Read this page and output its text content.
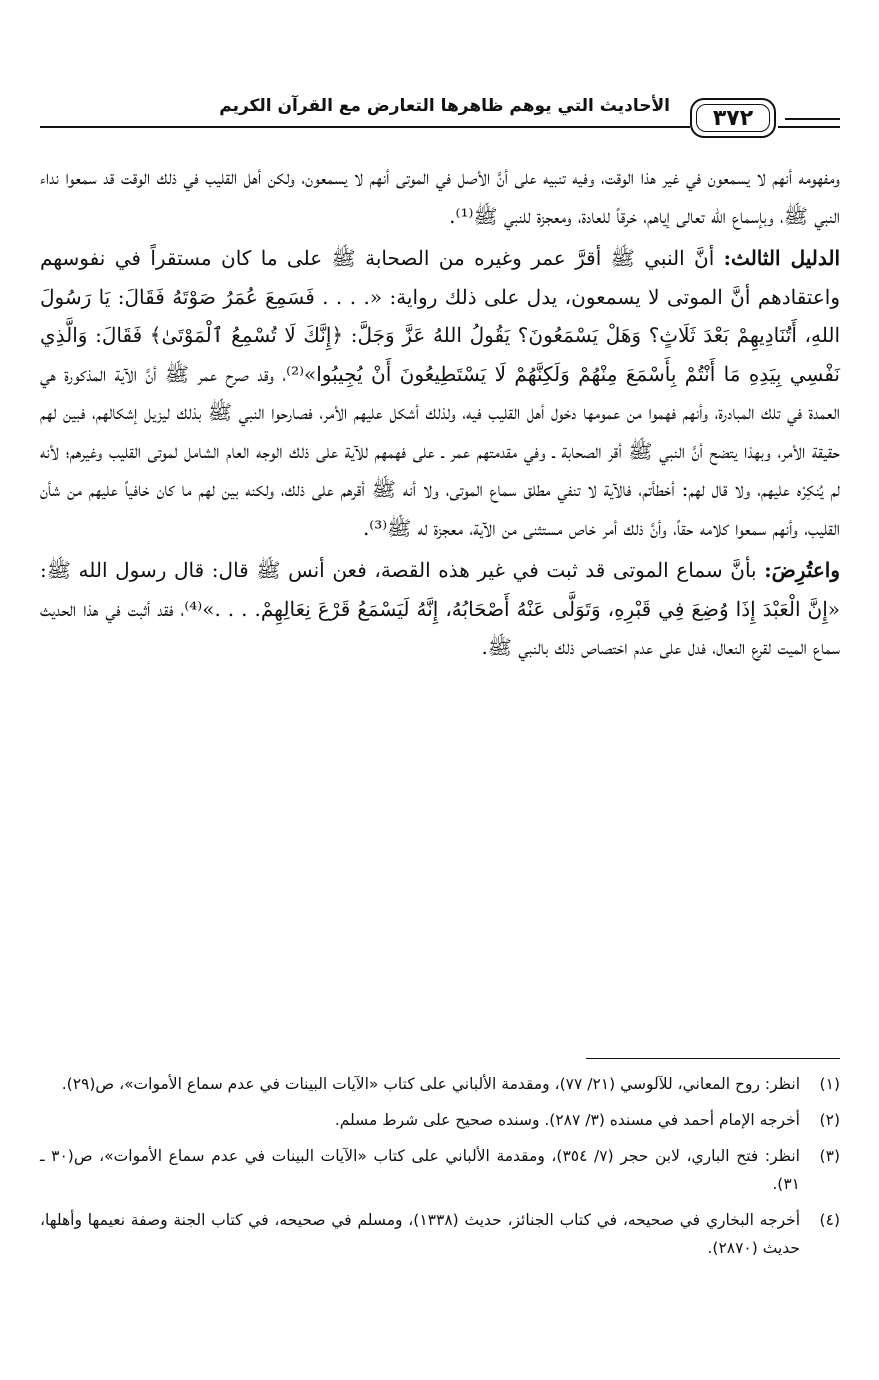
الأحاديث التي يوهم ظاهرها التعارض مع القرآن الكريم	٣٧٢

ومفهومه أنهم لا يسمعون في غير هذا الوقت، وفيه تنبيه على أنَّ الأصل في الموتى أنهم لا يسمعون، ولكن أهل القليب في ذلك الوقت قد سمعوا نداء النبي ﷺ، وبإسماع الله تعالى إياهم، خرقاً للعادة، ومعجزة للنبي ﷺ⁽¹⁾.

الدليل الثالث: أنَّ النبي ﷺ أقرَّ عمر وغيره من الصحابة ﷺ على ما كان مستقراً في نفوسهم واعتقادهم أنَّ الموتى لا يسمعون، يدل على ذلك رواية: «. . . . فَسَمِعَ عُمَرُ صَوْتَهُ فَقَالَ: يَا رَسُولَ اللهِ، أَتُنَادِيهِمْ بَعْدَ ثَلَاثٍ؟ وَهَلْ يَسْمَعُونَ؟ يَقُولُ اللهُ عَزَّ وَجَلَّ: ﴿إِنَّكَ لَا تُسْمِعُ ٱلْمَوْتَىٰ﴾ فَقَالَ: وَالَّذِي نَفْسِي بِيَدِهِ مَا أَنْتُمْ بِأَسْمَعَ مِنْهُمْ وَلَكِنَّهُمْ لَا يَسْتَطِيعُونَ أَنْ يُجِيبُوا»⁽²⁾، وقد صرح عمر ﷺ أنَّ الآية المذكورة هي العمدة في تلك المبادرة، وأنهم فهموا من عمومها دخول أهل القليب فيه، ولذلك أشكل عليهم الأمر، فصارحوا النبي ﷺ بذلك ليزيل إشكالهم، فبين لهم حقيقة الأمر، وبهذا يتضح أنَّ النبي ﷺ أقر الصحابة ـ وفي مقدمتهم عمر ـ على فهمهم للآية على ذلك الوجه العام الشامل لموتى القليب وغيرهم؛ لأنه لم يُنكِرْه عليهم، ولا قال لهم: أخطأتم، فالآية لا تنفي مطلق سماع الموتى، ولا أنه ﷺ أقرهم على ذلك، ولكنه بين لهم ما كان خافياً عليهم من شأن القليب، وأنهم سمعوا كلامه حقاً، وأنَّ ذلك أمر خاص مستثنى من الآية، معجزة له ﷺ⁽³⁾.

واعتُرِضَ: بأنَّ سماع الموتى قد ثبت في غير هذه القصة، فعن أنس ﷺ قال: قال رسول الله ﷺ: «إِنَّ الْعَبْدَ إِذَا وُضِعَ فِي قَبْرِهِ، وَتَوَلَّى عَنْهُ أَصْحَابُهُ، إِنَّهُ لَيَسْمَعُ قَرْعَ نِعَالِهِمْ. . . .»⁽⁴⁾، فقد أثبت في هذا الحديث سماع الميت لقرع النعال، فدل على عدم اختصاص ذلك بالنبي ﷺ.

(١)
انظر: روح المعاني، للآلوسي (٢١/ ٧٧)، ومقدمة الألباني على كتاب «الآيات البينات في عدم سماع الأموات»، ص(٢٩).
(٢)
أخرجه الإمام أحمد في مسنده (٣/ ٢٨٧). وسنده صحيح على شرط مسلم.
(٣)
انظر: فتح الباري، لابن حجر (٧/ ٣٥٤)، ومقدمة الألباني على كتاب «الآيات البينات في عدم سماع الأموات»، ص(٣٠ ـ ٣١).
(٤)
أخرجه البخاري في صحيحه، في كتاب الجنائز، حديث (١٣٣٨)، ومسلم في صحيحه، في كتاب الجنة وصفة نعيمها وأهلها، حديث (٢٨٧٠).
